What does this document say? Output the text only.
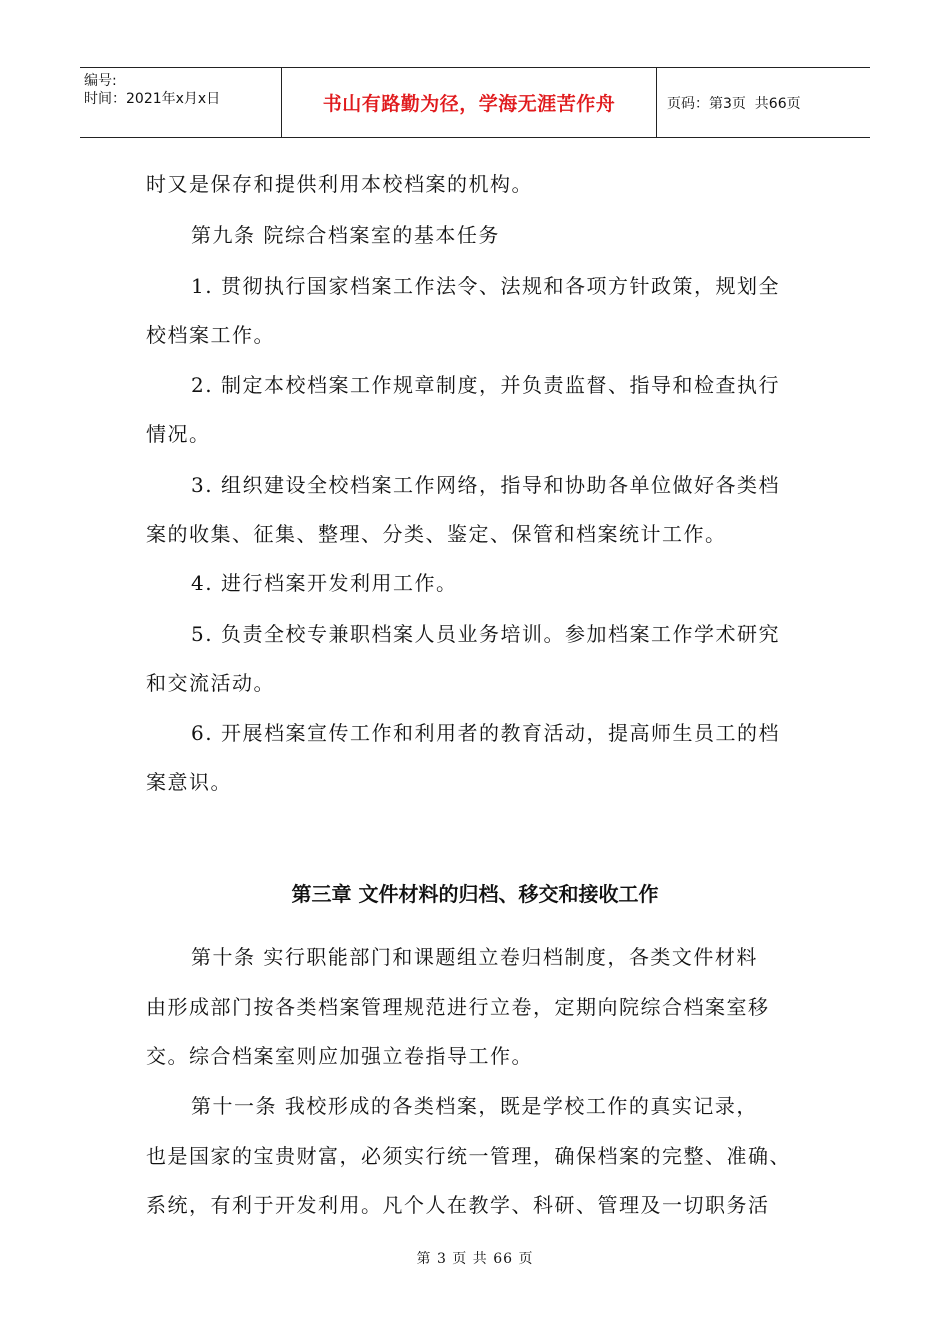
编号:
时间：2021年x月x日	书山有路勤为径，学海无涯苦作舟	页码：第3页  共66页
时又是保存和提供利用本校档案的机构。
第九条 院综合档案室的基本任务
1. 贯彻执行国家档案工作法令、法规和各项方针政策，规划全
校档案工作。
2. 制定本校档案工作规章制度，并负责监督、指导和检查执行
情况。
3. 组织建设全校档案工作网络，指导和协助各单位做好各类档
案的收集、征集、整理、分类、鉴定、保管和档案统计工作。
4. 进行档案开发利用工作。
5. 负责全校专兼职档案人员业务培训。参加档案工作学术研究
和交流活动。
6. 开展档案宣传工作和利用者的教育活动，提高师生员工的档
案意识。
第三章 文件材料的归档、移交和接收工作
第十条 实行职能部门和课题组立卷归档制度，各类文件材料
由形成部门按各类档案管理规范进行立卷，定期向院综合档案室移
交。综合档案室则应加强立卷指导工作。
第十一条 我校形成的各类档案，既是学校工作的真实记录，
也是国家的宝贵财富，必须实行统一管理，确保档案的完整、准确、
系统，有利于开发利用。凡个人在教学、科研、管理及一切职务活
第 3 页 共 66 页
